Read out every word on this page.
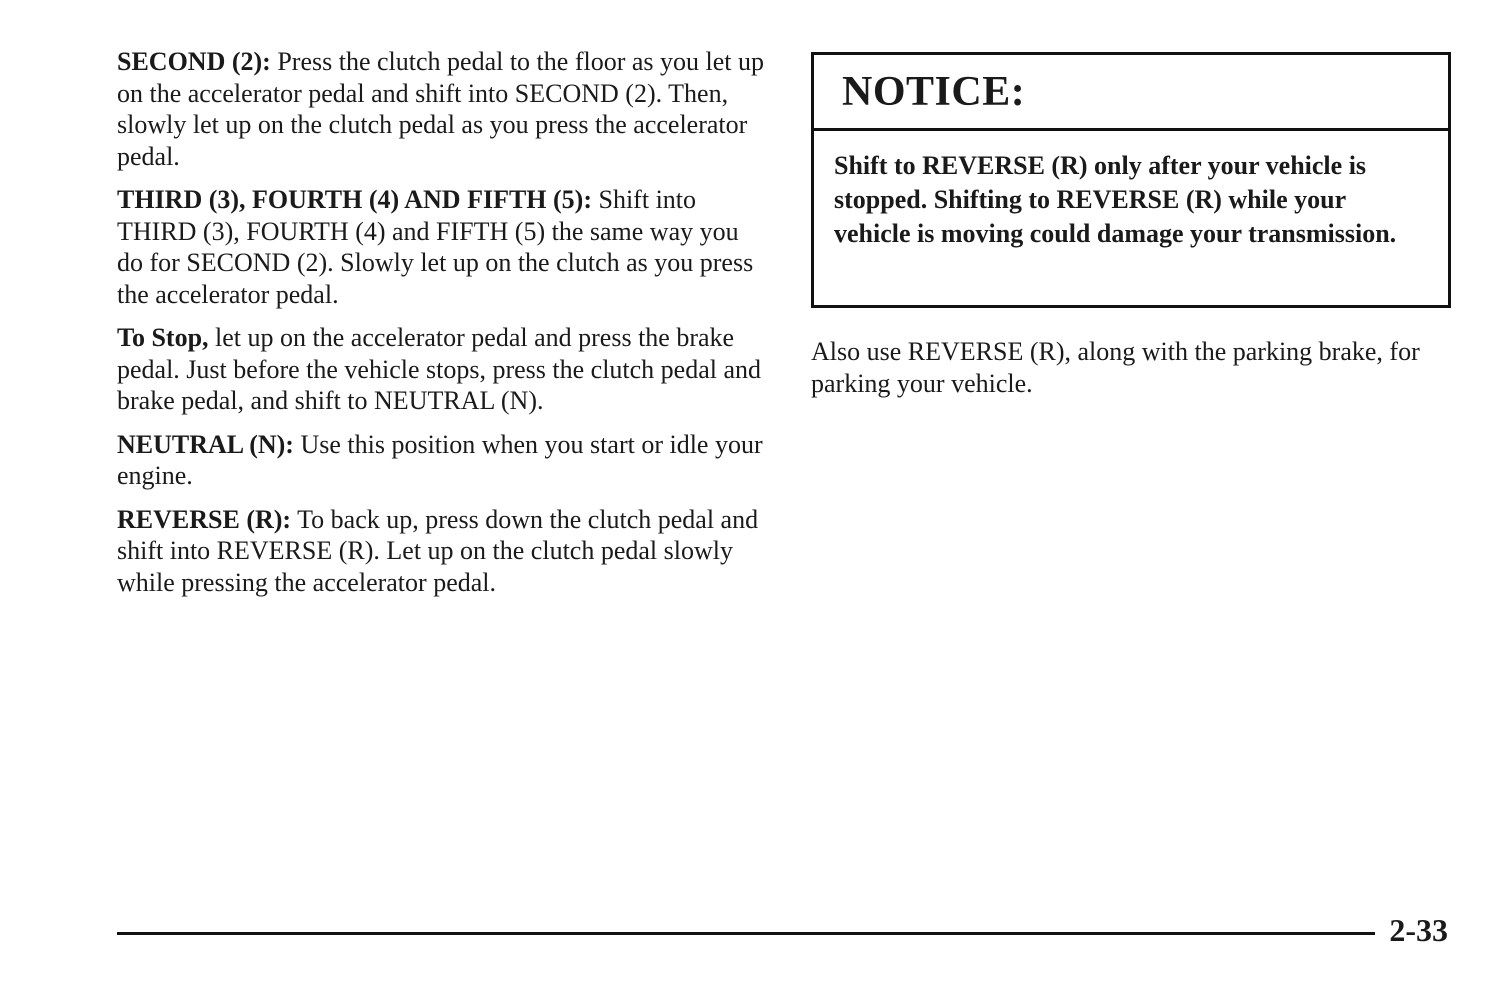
SECOND (2): Press the clutch pedal to the floor as you let up on the accelerator pedal and shift into SECOND (2). Then, slowly let up on the clutch pedal as you press the accelerator pedal.

THIRD (3), FOURTH (4) AND FIFTH (5): Shift into THIRD (3), FOURTH (4) and FIFTH (5) the same way you do for SECOND (2). Slowly let up on the clutch as you press the accelerator pedal.

To Stop, let up on the accelerator pedal and press the brake pedal. Just before the vehicle stops, press the clutch pedal and brake pedal, and shift to NEUTRAL (N).

NEUTRAL (N): Use this position when you start or idle your engine.

REVERSE (R): To back up, press down the clutch pedal and shift into REVERSE (R). Let up on the clutch pedal slowly while pressing the accelerator pedal.

NOTICE:
Shift to REVERSE (R) only after your vehicle is stopped. Shifting to REVERSE (R) while your vehicle is moving could damage your transmission.

Also use REVERSE (R), along with the parking brake, for parking your vehicle.

2-33
